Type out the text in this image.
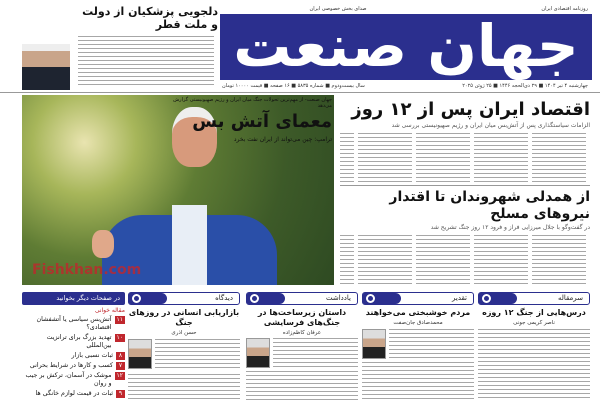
روزنامه اقتصادی ایران
صدای بخش خصوصی ایران
جهان صنعت
چهارشنبه ۴ تیر ۱۴۰۴ ■ ۲۹ ذی‌الحجه ۱۴۴۶ ■ ۲۵ ژوئن ۲۰۲۵
سال بیست‌ودوم ■ شماره ۵۸۳۵ ■ ۱۶ صفحه ■ قیمت ۱۰۰۰۰ تومان
دلجویی پزشکیان از دولت و ملت قطر
جهان صنعت- از مهم‌ترین تحولات جنگ میان ایران و رژیم صهیونیستی گزارش می‌دهد
معمای آتش بس
ترامپ: چین می‌تواند از ایران نفت بخرد
Fishkhan.com
اقتصاد ایران پس از ۱۲ روز
الزامات سیاستگذاری پس از آتش‌بس میان ایران و رژیم صهیونیستی بررسی شد
از همدلی شهروندان تا اقتدار نیروهای مسلح
در گفت‌وگو با جلال میرزایی فراز و فرود ۱۲ روز جنگ تشریح شد
سرمقاله
درس‌هایی از جنگ ۱۲ روزه
ناصر کریمی جونی
تقدیر
مردم خوشبختی می‌خواهند
محمدصادق جان‌صفت
یادداشت
داستان زیرساخت‌ها در جنگ‌های فرسایشی
عرفان کاظم‌زاده
دیدگاه
بازاریابی انسانی در روزهای جنگ
حسن اذری
در صفحات دیگر بخوانید
مقاله خوانی
۱۱
آتش‌بس سیاسی یا آتشفشان اقتصادی؟
۱۰
تهدید بزرگ برای ترانزیت بین‌المللی
۸
ثبات نسبی بازار
۷
کسب و کارها در شرایط بحرانی
۱۲
موشک در آسمان، ترکش بر جیب و روان
۹
ثبات در قیمت لوازم خانگی ها
